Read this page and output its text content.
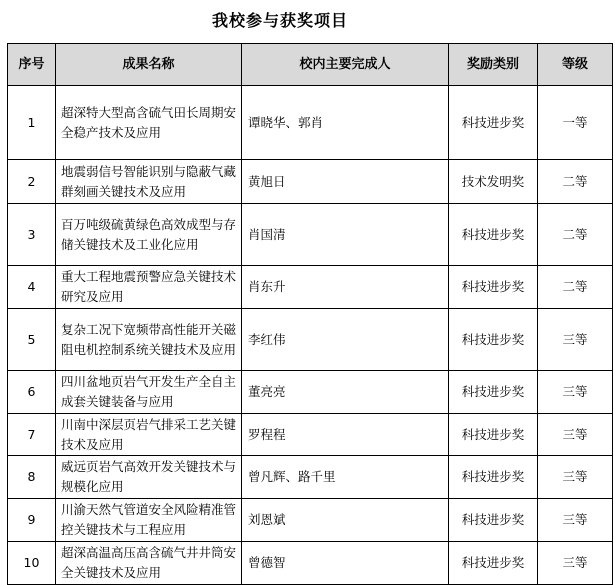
我校参与获奖项目
序号	成果名称	校内主要完成人	奖励类别	等级
1	超深特大型高含硫气田长周期安全稳产技术及应用	谭晓华、郭肖	科技进步奖	一等
2	地震弱信号智能识别与隐蔽气藏群刻画关键技术及应用	黄旭日	技术发明奖	二等
3	百万吨级硫黄绿色高效成型与存储关键技术及工业化应用	肖国清	科技进步奖	二等
4	重大工程地震预警应急关键技术研究及应用	肖东升	科技进步奖	二等
5	复杂工况下宽频带高性能开关磁阻电机控制系统关键技术及应用	李红伟	科技进步奖	三等
6	四川盆地页岩气开发生产全自主成套关键装备与应用	董亮亮	科技进步奖	三等
7	川南中深层页岩气排采工艺关键技术及应用	罗程程	科技进步奖	三等
8	威远页岩气高效开发关键技术与规模化应用	曾凡辉、路千里	科技进步奖	三等
9	川渝天然气管道安全风险精准管控关键技术与工程应用	刘恩斌	科技进步奖	三等
10	超深高温高压高含硫气井井筒安全关键技术及应用	曾德智	科技进步奖	三等
